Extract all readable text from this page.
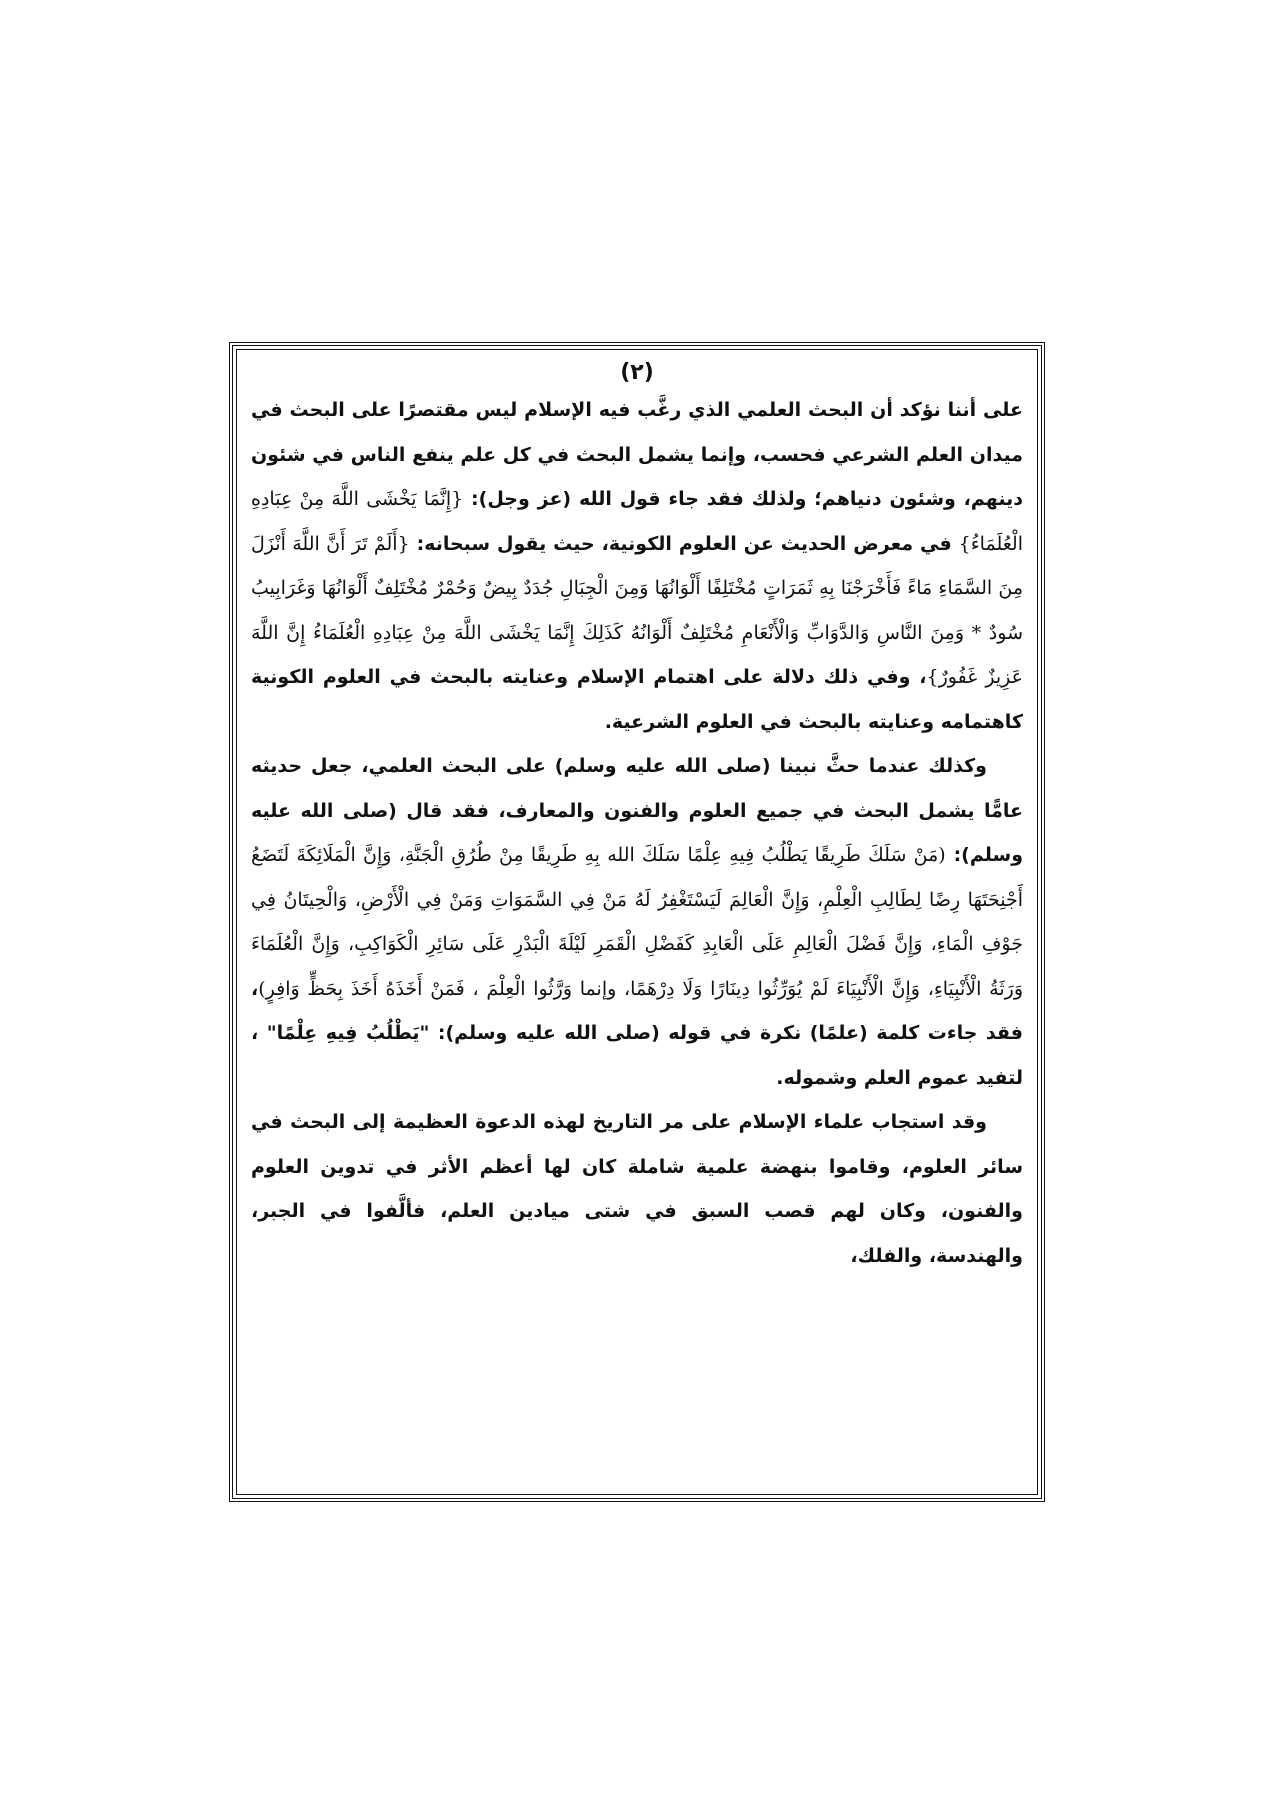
(٢)

على أننا نؤكد أن البحث العلمي الذي رغَّب فيه الإسلام ليس مقتصرًا على البحث في ميدان العلم الشرعي فحسب، وإنما يشمل البحث في كل علم ينفع الناس في شئون دينهم، وشئون دنياهم؛ ولذلك فقد جاء قول الله (عز وجل): {إِنَّمَا يَخْشَى اللَّهَ مِنْ عِبَادِهِ الْعُلَمَاءُ} في معرض الحديث عن العلوم الكونية، حيث يقول سبحانه: {أَلَمْ تَرَ أَنَّ اللَّهَ أَنْزَلَ مِنَ السَّمَاءِ مَاءً فَأَخْرَجْنَا بِهِ ثَمَرَاتٍ مُخْتَلِفًا أَلْوَانُهَا وَمِنَ الْجِبَالِ جُدَدٌ بِيضٌ وَحُمْرٌ مُخْتَلِفٌ أَلْوَانُهَا وَغَرَابِيبُ سُودٌ * وَمِنَ النَّاسِ وَالدَّوَابِّ وَالْأَنْعَامِ مُخْتَلِفٌ أَلْوَانُهُ كَذَلِكَ إِنَّمَا يَخْشَى اللَّهَ مِنْ عِبَادِهِ الْعُلَمَاءُ إِنَّ اللَّهَ عَزِيزٌ غَفُورٌ}، وفي ذلك دلالة على اهتمام الإسلام وعنايته بالبحث في العلوم الكونية كاهتمامه وعنايته بالبحث في العلوم الشرعية.

وكذلك عندما حثَّ نبينا (صلى الله عليه وسلم) على البحث العلمي، جعل حديثه عامًّا يشمل البحث في جميع العلوم والفنون والمعارف، فقد قال (صلى الله عليه وسلم): (مَنْ سَلَكَ طَرِيقًا يَطْلُبُ فِيهِ عِلْمًا سَلَكَ الله بِهِ طَرِيقًا مِنْ طُرُقِ الْجَنَّةِ، وَإِنَّ الْمَلَائِكَةَ لَتَضَعُ أَجْنِحَتَهَا رِضًا لِطَالِبِ الْعِلْمِ، وَإِنَّ الْعَالِمَ لَيَسْتَغْفِرُ لَهُ مَنْ فِي السَّمَوَاتِ وَمَنْ فِي الْأَرْضِ، وَالْحِيتَانُ فِي جَوْفِ الْمَاءِ، وَإِنَّ فَضْلَ الْعَالِمِ عَلَى الْعَابِدِ كَفَضْلِ الْقَمَرِ لَيْلَةَ الْبَدْرِ عَلَى سَائِرِ الْكَوَاكِبِ، وَإِنَّ الْعُلَمَاءَ وَرَثَةُ الْأَنْبِيَاءِ، وَإِنَّ الْأَنْبِيَاءَ لَمْ يُوَرِّثُوا دِينَارًا وَلَا دِرْهَمًا، وإنما وَرَّثُوا الْعِلْمَ ، فَمَنْ أَخَذَهُ أَخَذَ بِحَظٍّ وَافِرٍ)، فقد جاءت كلمة (علمًا) نكرة في قوله (صلى الله عليه وسلم): "يَطْلُبُ فِيهِ عِلْمًا" ، لتفيد عموم العلم وشموله.

وقد استجاب علماء الإسلام على مر التاريخ لهذه الدعوة العظيمة إلى البحث في سائر العلوم، وقاموا بنهضة علمية شاملة كان لها أعظم الأثر في تدوين العلوم والفنون، وكان لهم قصب السبق في شتى ميادين العلم، فألَّفوا في الجبر، والهندسة، والفلك،
